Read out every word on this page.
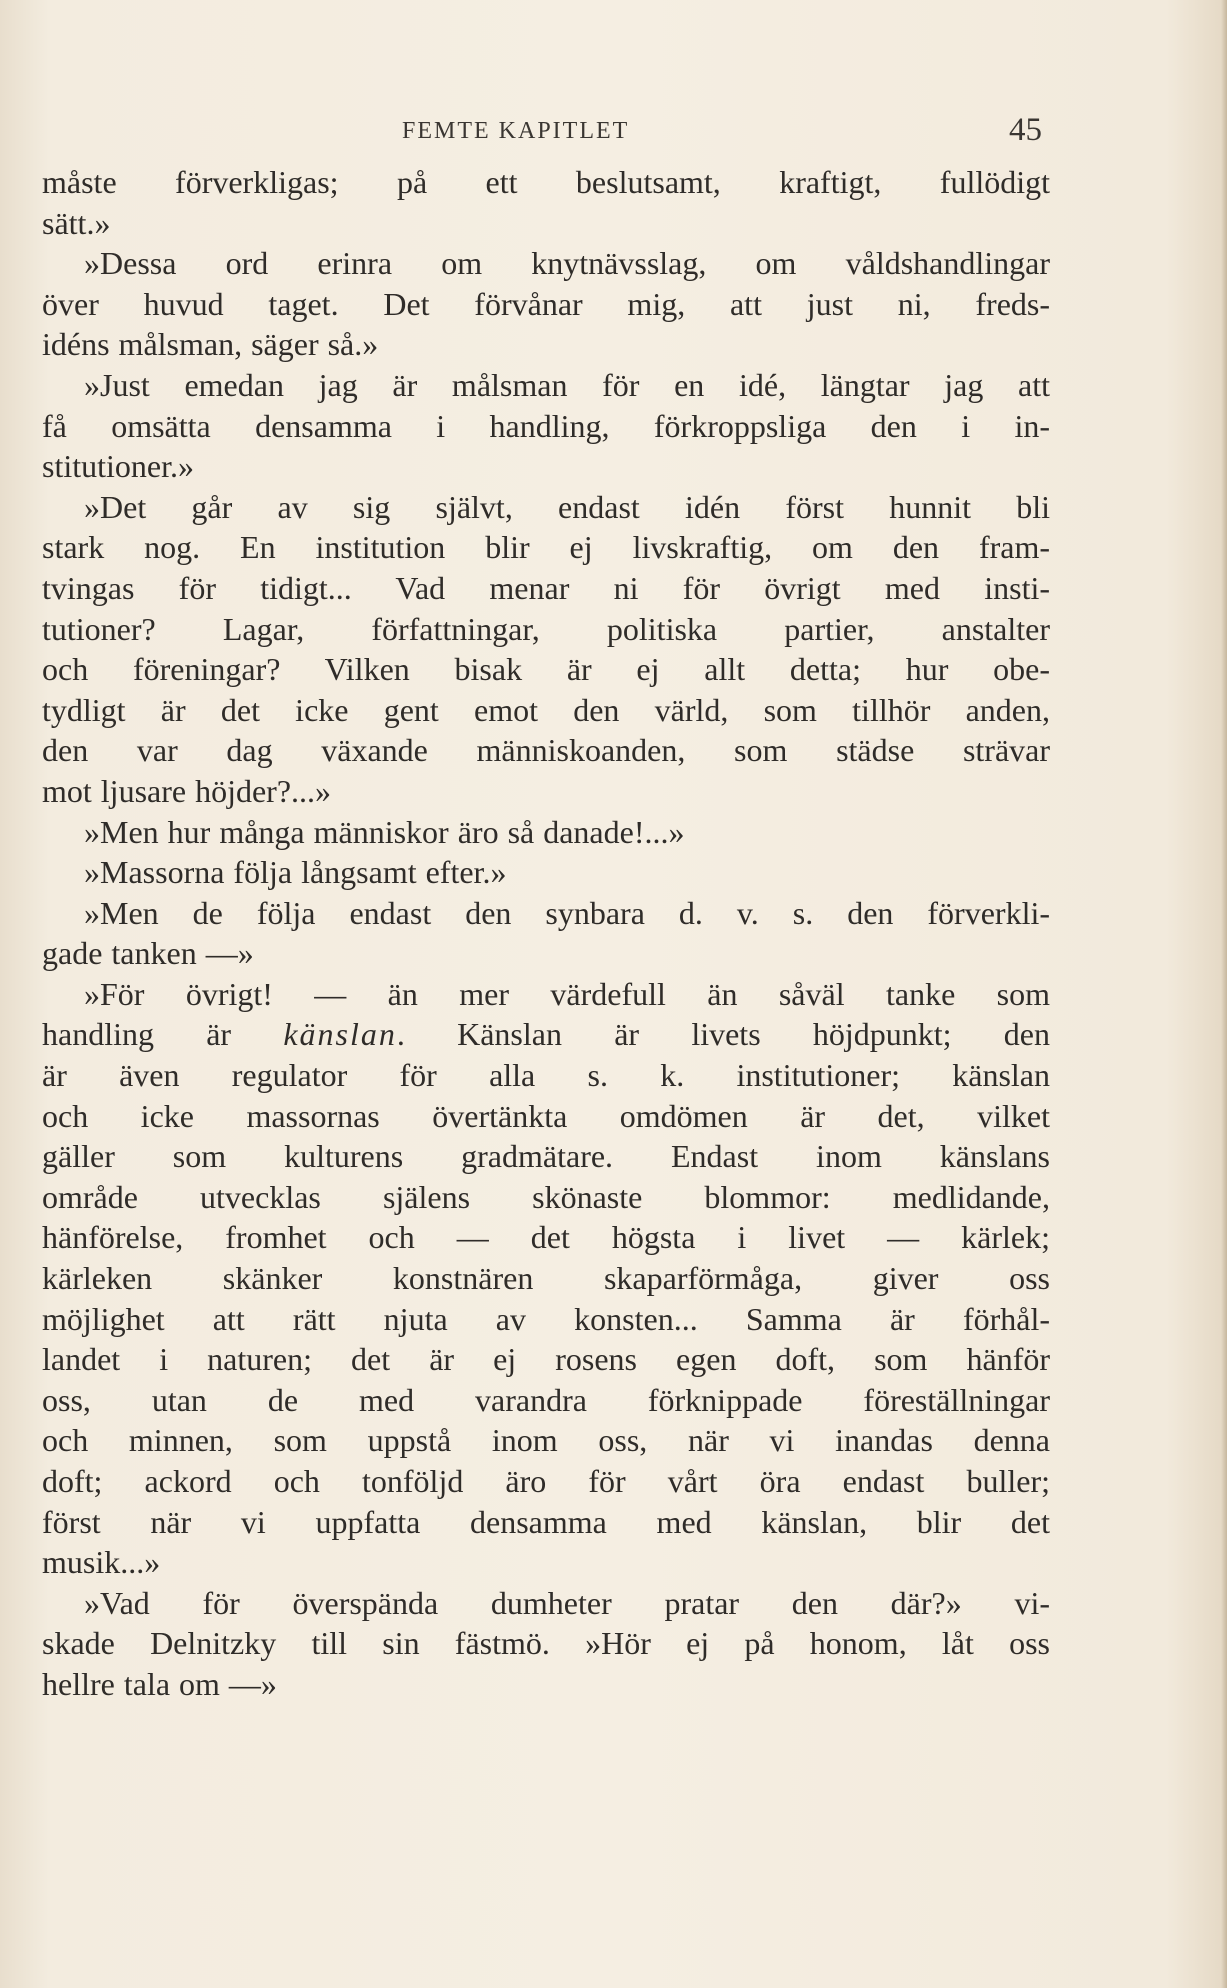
FEMTE KAPITLET	45
måste förverkligas; på ett beslutsamt, kraftigt, fullödigt
sätt.»
»Dessa ord erinra om knytnävsslag, om våldshandlingar
över huvud taget. Det förvånar mig, att just ni, freds-
idéns målsman, säger så.»
»Just emedan jag är målsman för en idé, längtar jag att
få omsätta densamma i handling, förkroppsliga den i in-
stitutioner.»
»Det går av sig självt, endast idén först hunnit bli
stark nog. En institution blir ej livskraftig, om den fram-
tvingas för tidigt... Vad menar ni för övrigt med insti-
tutioner? Lagar, författningar, politiska partier, anstalter
och föreningar? Vilken bisak är ej allt detta; hur obe-
tydligt är det icke gent emot den värld, som tillhör anden,
den var dag växande människoanden, som städse strävar
mot ljusare höjder?...»
»Men hur många människor äro så danade!...»
»Massorna följa långsamt efter.»
»Men de följa endast den synbara d. v. s. den förverkli-
gade tanken —»
»För övrigt! — än mer värdefull än såväl tanke som
handling är känslan. Känslan är livets höjdpunkt; den
är även regulator för alla s. k. institutioner; känslan
och icke massornas övertänkta omdömen är det, vilket
gäller som kulturens gradmätare. Endast inom känslans
område utvecklas själens skönaste blommor: medlidande,
hänförelse, fromhet och — det högsta i livet — kärlek;
kärleken skänker konstnären skaparförmåga, giver oss
möjlighet att rätt njuta av konsten... Samma är förhål-
landet i naturen; det är ej rosens egen doft, som hänför
oss, utan de med varandra förknippade föreställningar
och minnen, som uppstå inom oss, när vi inandas denna
doft; ackord och tonföljd äro för vårt öra endast buller;
först när vi uppfatta densamma med känslan, blir det
musik...»
»Vad för överspända dumheter pratar den där?» vi-
skade Delnitzky till sin fästmö. »Hör ej på honom, låt oss
hellre tala om —»
